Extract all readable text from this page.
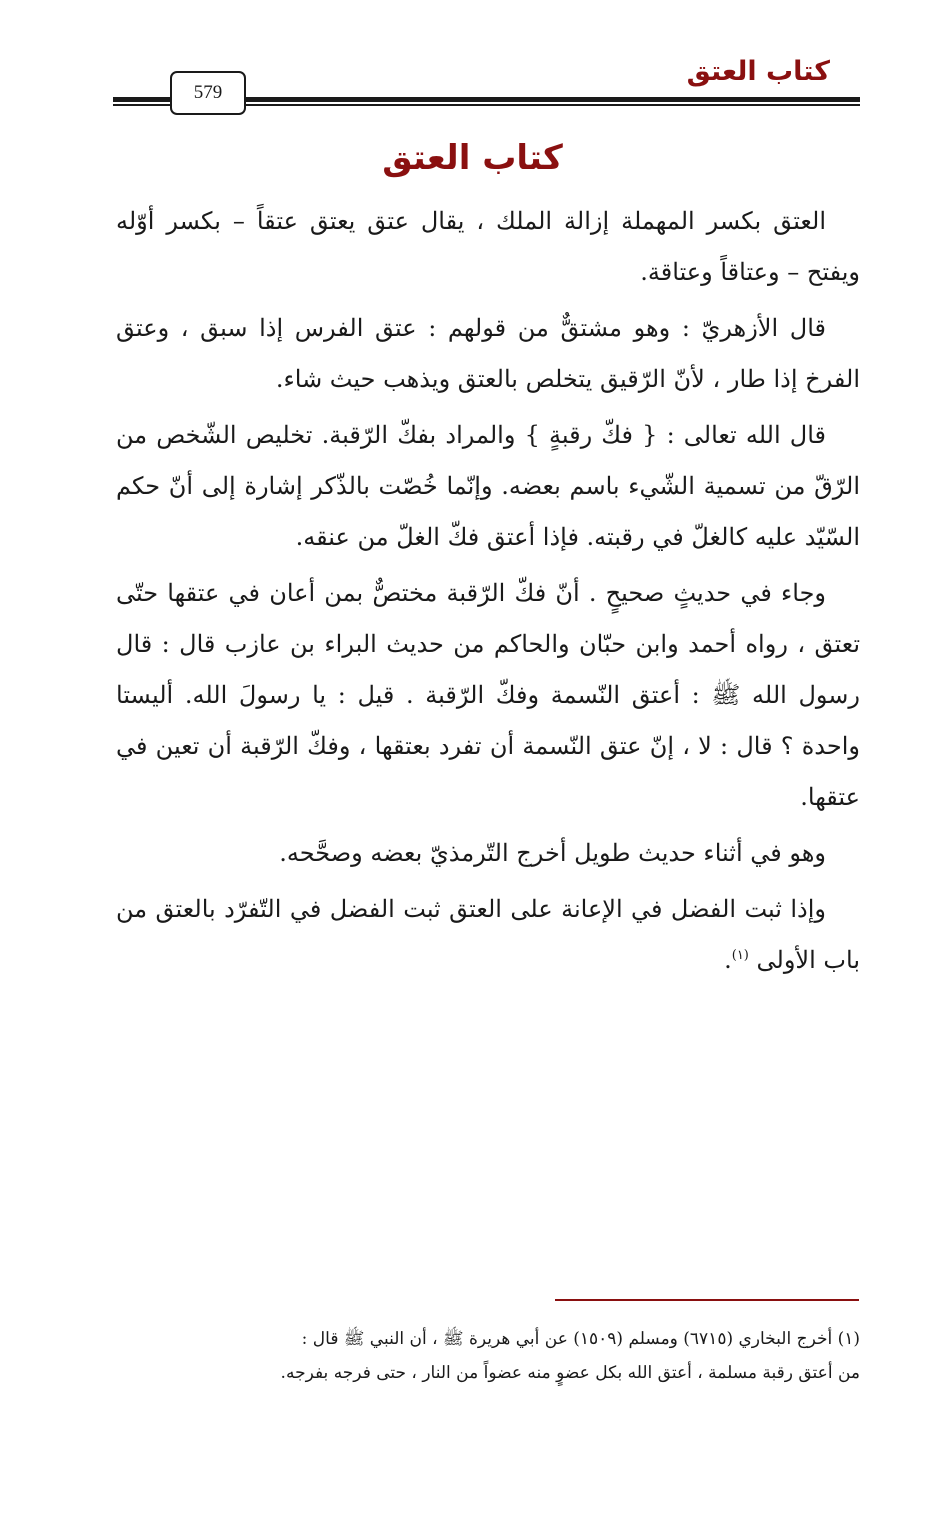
كتاب العتق
579
كتاب العتق

العتق بكسر المهملة إزالة الملك ، يقال عتق يعتق عتقاً – بكسر أوّله ويفتح – وعتاقاً وعتاقة.

قال الأزهريّ : وهو مشتقٌّ من قولهم : عتق الفرس إذا سبق ، وعتق الفرخ إذا طار ، لأنّ الرّقيق يتخلص بالعتق ويذهب حيث شاء.

قال الله تعالى : { فكّ رقبةٍ } والمراد بفكّ الرّقبة. تخليص الشّخص من الرّقّ من تسمية الشّيء باسم بعضه. وإنّما خُصّت بالذّكر إشارة إلى أنّ حكم السّيّد عليه كالغلّ في رقبته. فإذا أعتق فكّ الغلّ من عنقه.

وجاء في حديثٍ صحيحٍ . أنّ فكّ الرّقبة مختصٌّ بمن أعان في عتقها حتّى تعتق ، رواه أحمد وابن حبّان والحاكم من حديث البراء بن عازب قال : قال رسول الله ﷺ : أعتق النّسمة وفكّ الرّقبة . قيل : يا رسولَ الله. أليستا واحدة ؟ قال : لا ، إنّ عتق النّسمة أن تفرد بعتقها ، وفكّ الرّقبة أن تعين في عتقها.

وهو في أثناء حديث طويل أخرج التّرمذيّ بعضه وصحَّحه.

وإذا ثبت الفضل في الإعانة على العتق ثبت الفضل في التّفرّد بالعتق من باب الأولى $^{(١)}$.

(١) أخرج البخاري (٦٧١٥) ومسلم (١٥٠٩) عن أبي هريرة ﷺ ، أن النبي ﷺ قال :

من أعتق رقبة مسلمة ، أعتق الله بكل عضوٍ منه عضواً من النار ، حتى فرجه بفرجه.
